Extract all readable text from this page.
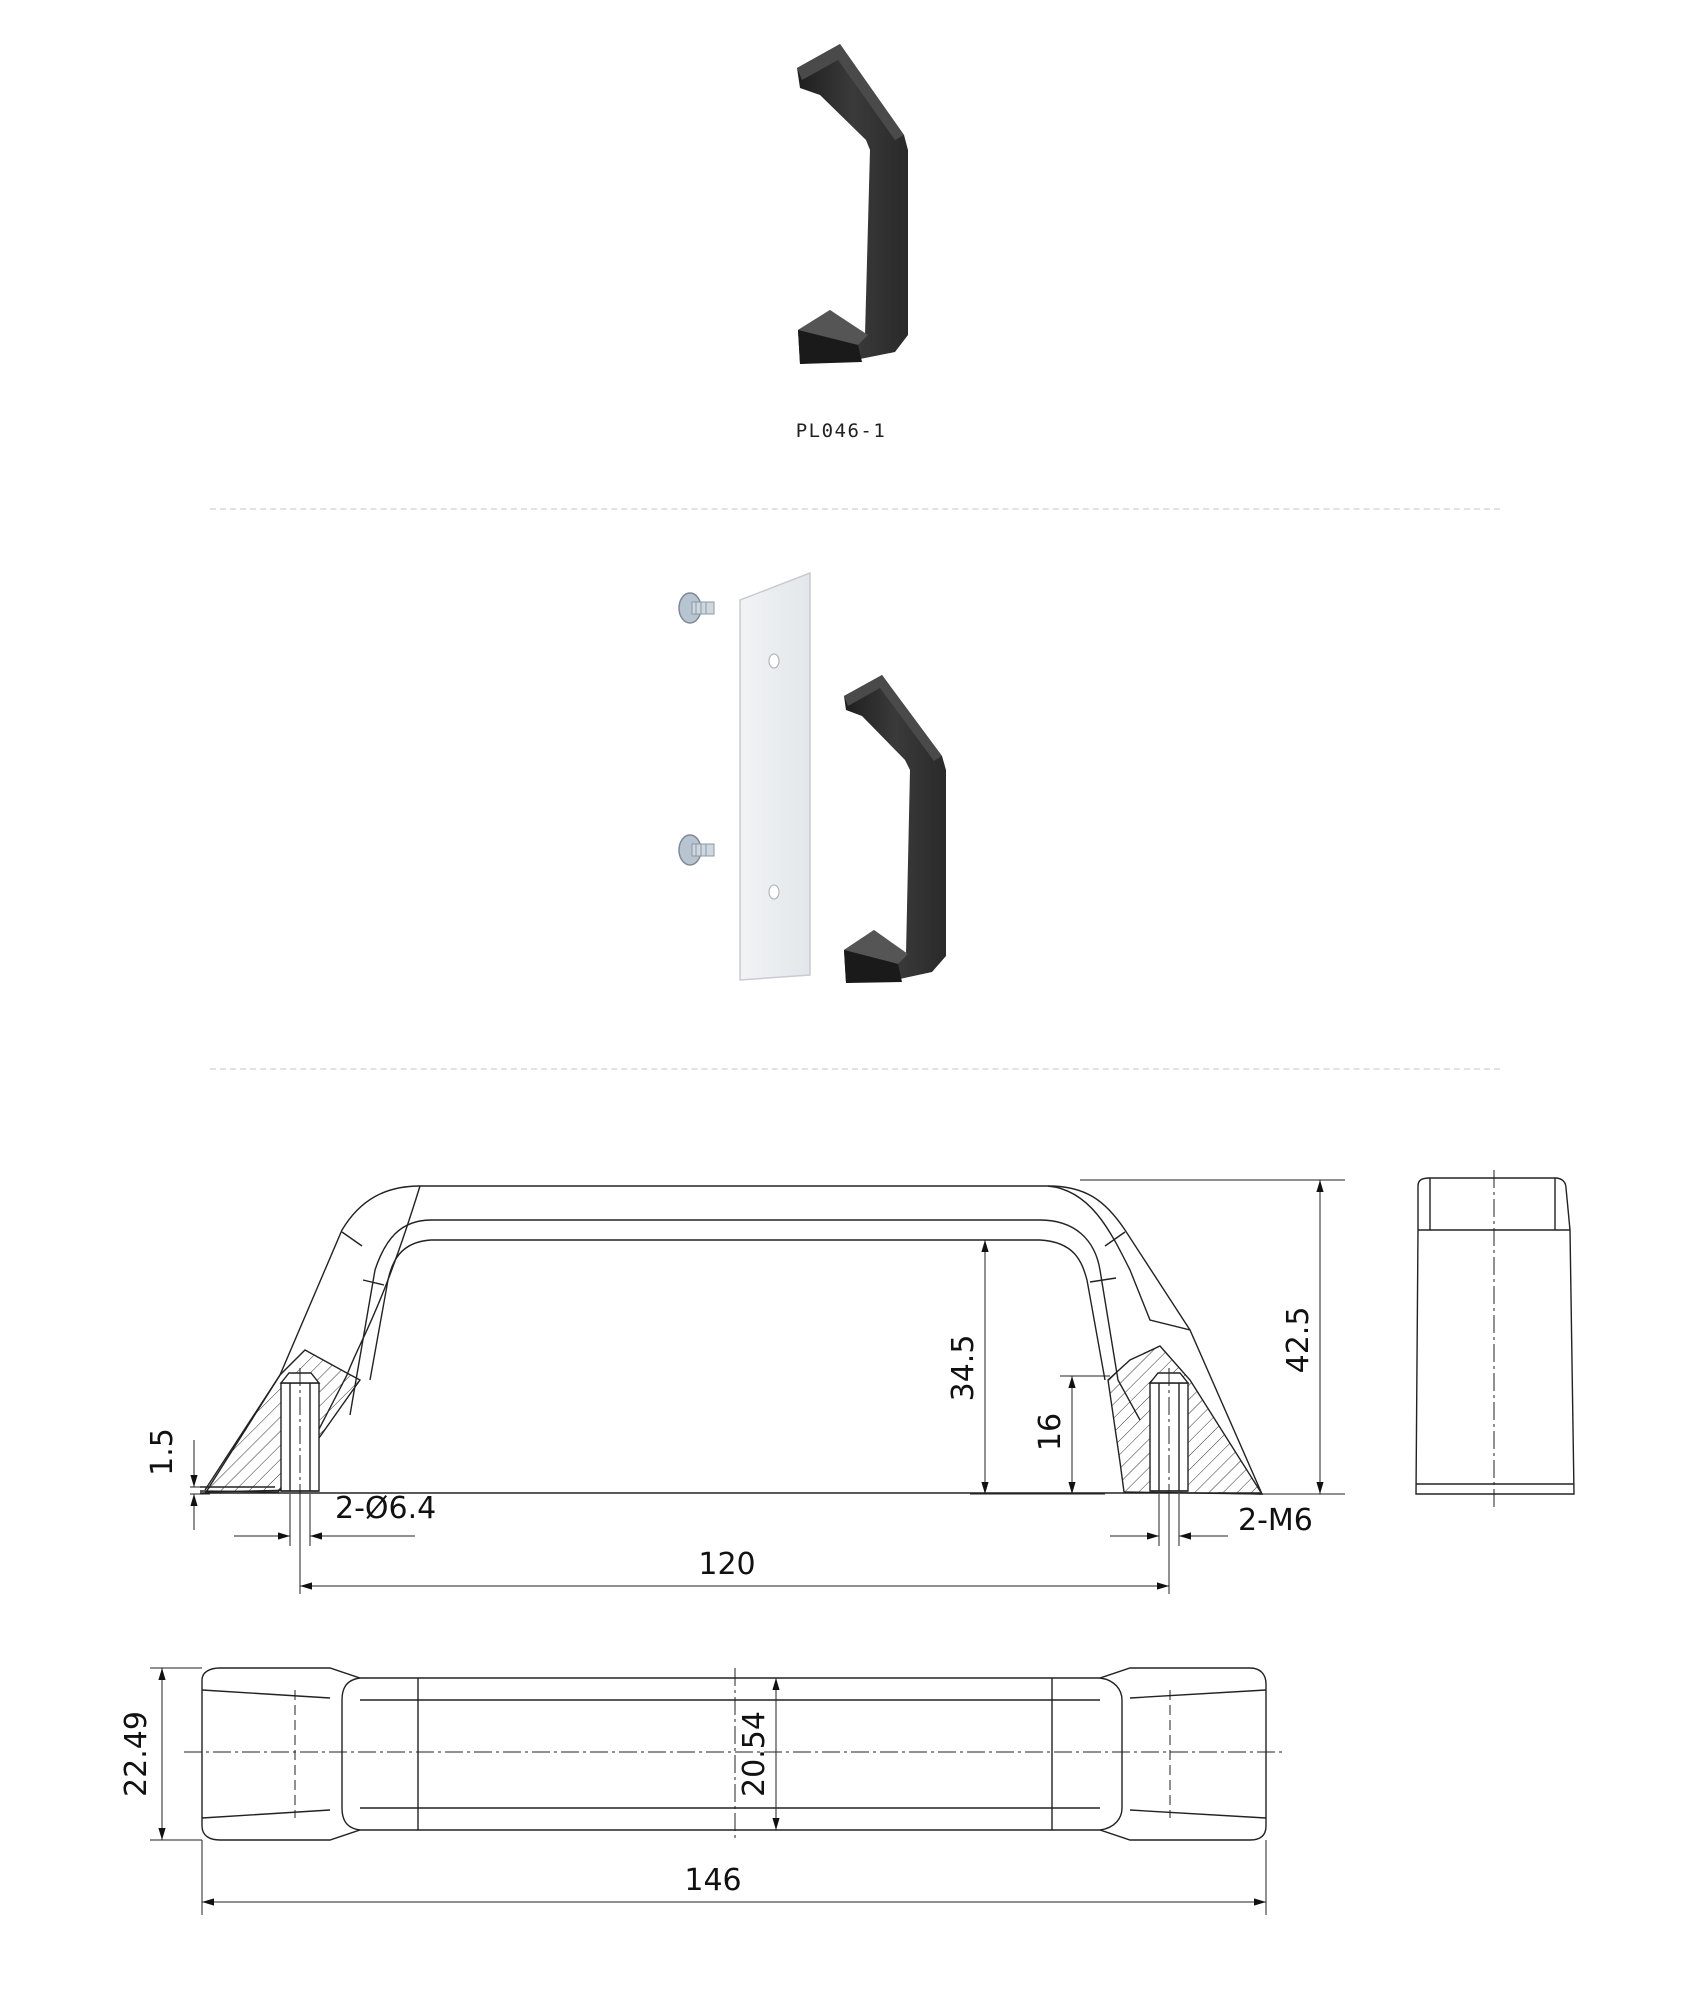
PL046-1
42.5
34.5
16
1.5
2-Ø6.4	2-M6
120
22.49	20.54
146
